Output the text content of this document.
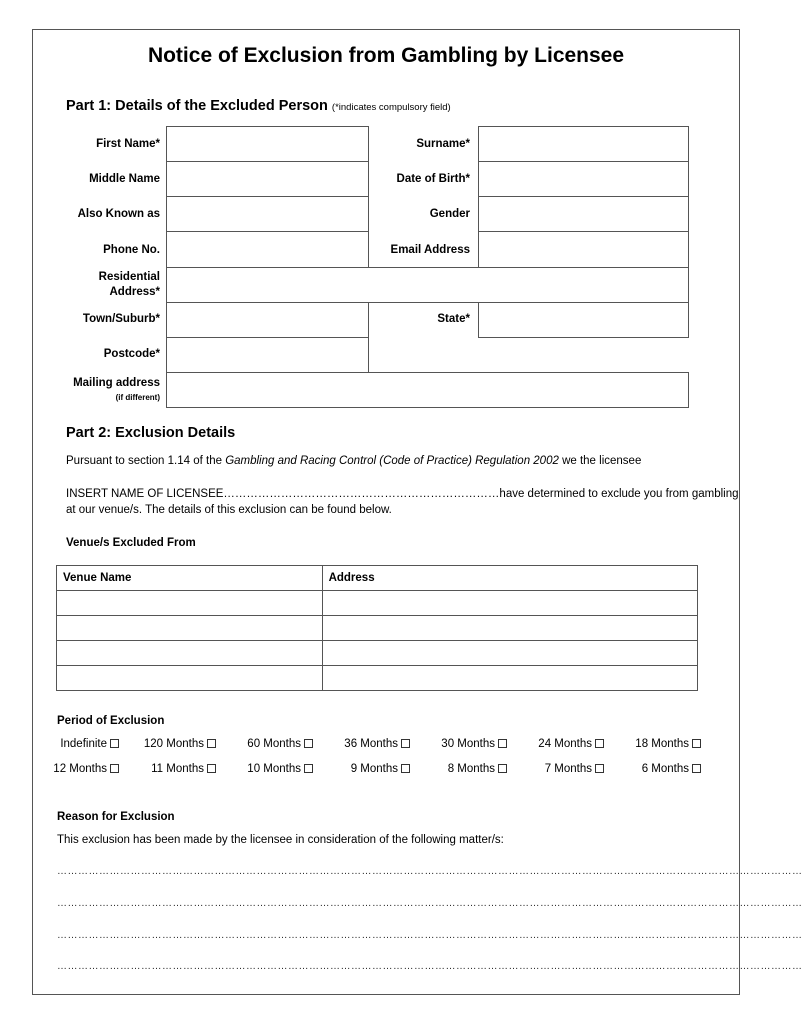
Notice of Exclusion from Gambling by Licensee
Part 1: Details of the Excluded Person (*indicates compulsory field)
First Name*	Surname*
Middle Name	Date of Birth*
Also Known as	Gender
Phone No.	Email Address
Residential
Address*
Town/Suburb*	State*
Postcode*
Mailing address
(if different)
Part 2: Exclusion Details
Pursuant to section 1.14 of the Gambling and Racing Control (Code of Practice) Regulation 2002 we the licensee
INSERT NAME OF LICENSEE………………………………………………………………have determined to exclude you from gambling
at our venue/s. The details of this exclusion can be found below.
Venue/s Excluded From
Venue Name	Address

Period of Exclusion
Indefinite	120 Months	60 Months	36 Months	30 Months	24 Months	18 Months
12 Months	11 Months	10 Months	9 Months	8 Months	7 Months	6 Months
Reason for Exclusion
This exclusion has been made by the licensee in consideration of the following matter/s:
……………………………………………………………………………………………………………………………………………………………………………………………
……………………………………………………………………………………………………………………………………………………………………………………………
……………………………………………………………………………………………………………………………………………………………………………………………
……………………………………………………………………………………………………………………………………………………………………………………………
